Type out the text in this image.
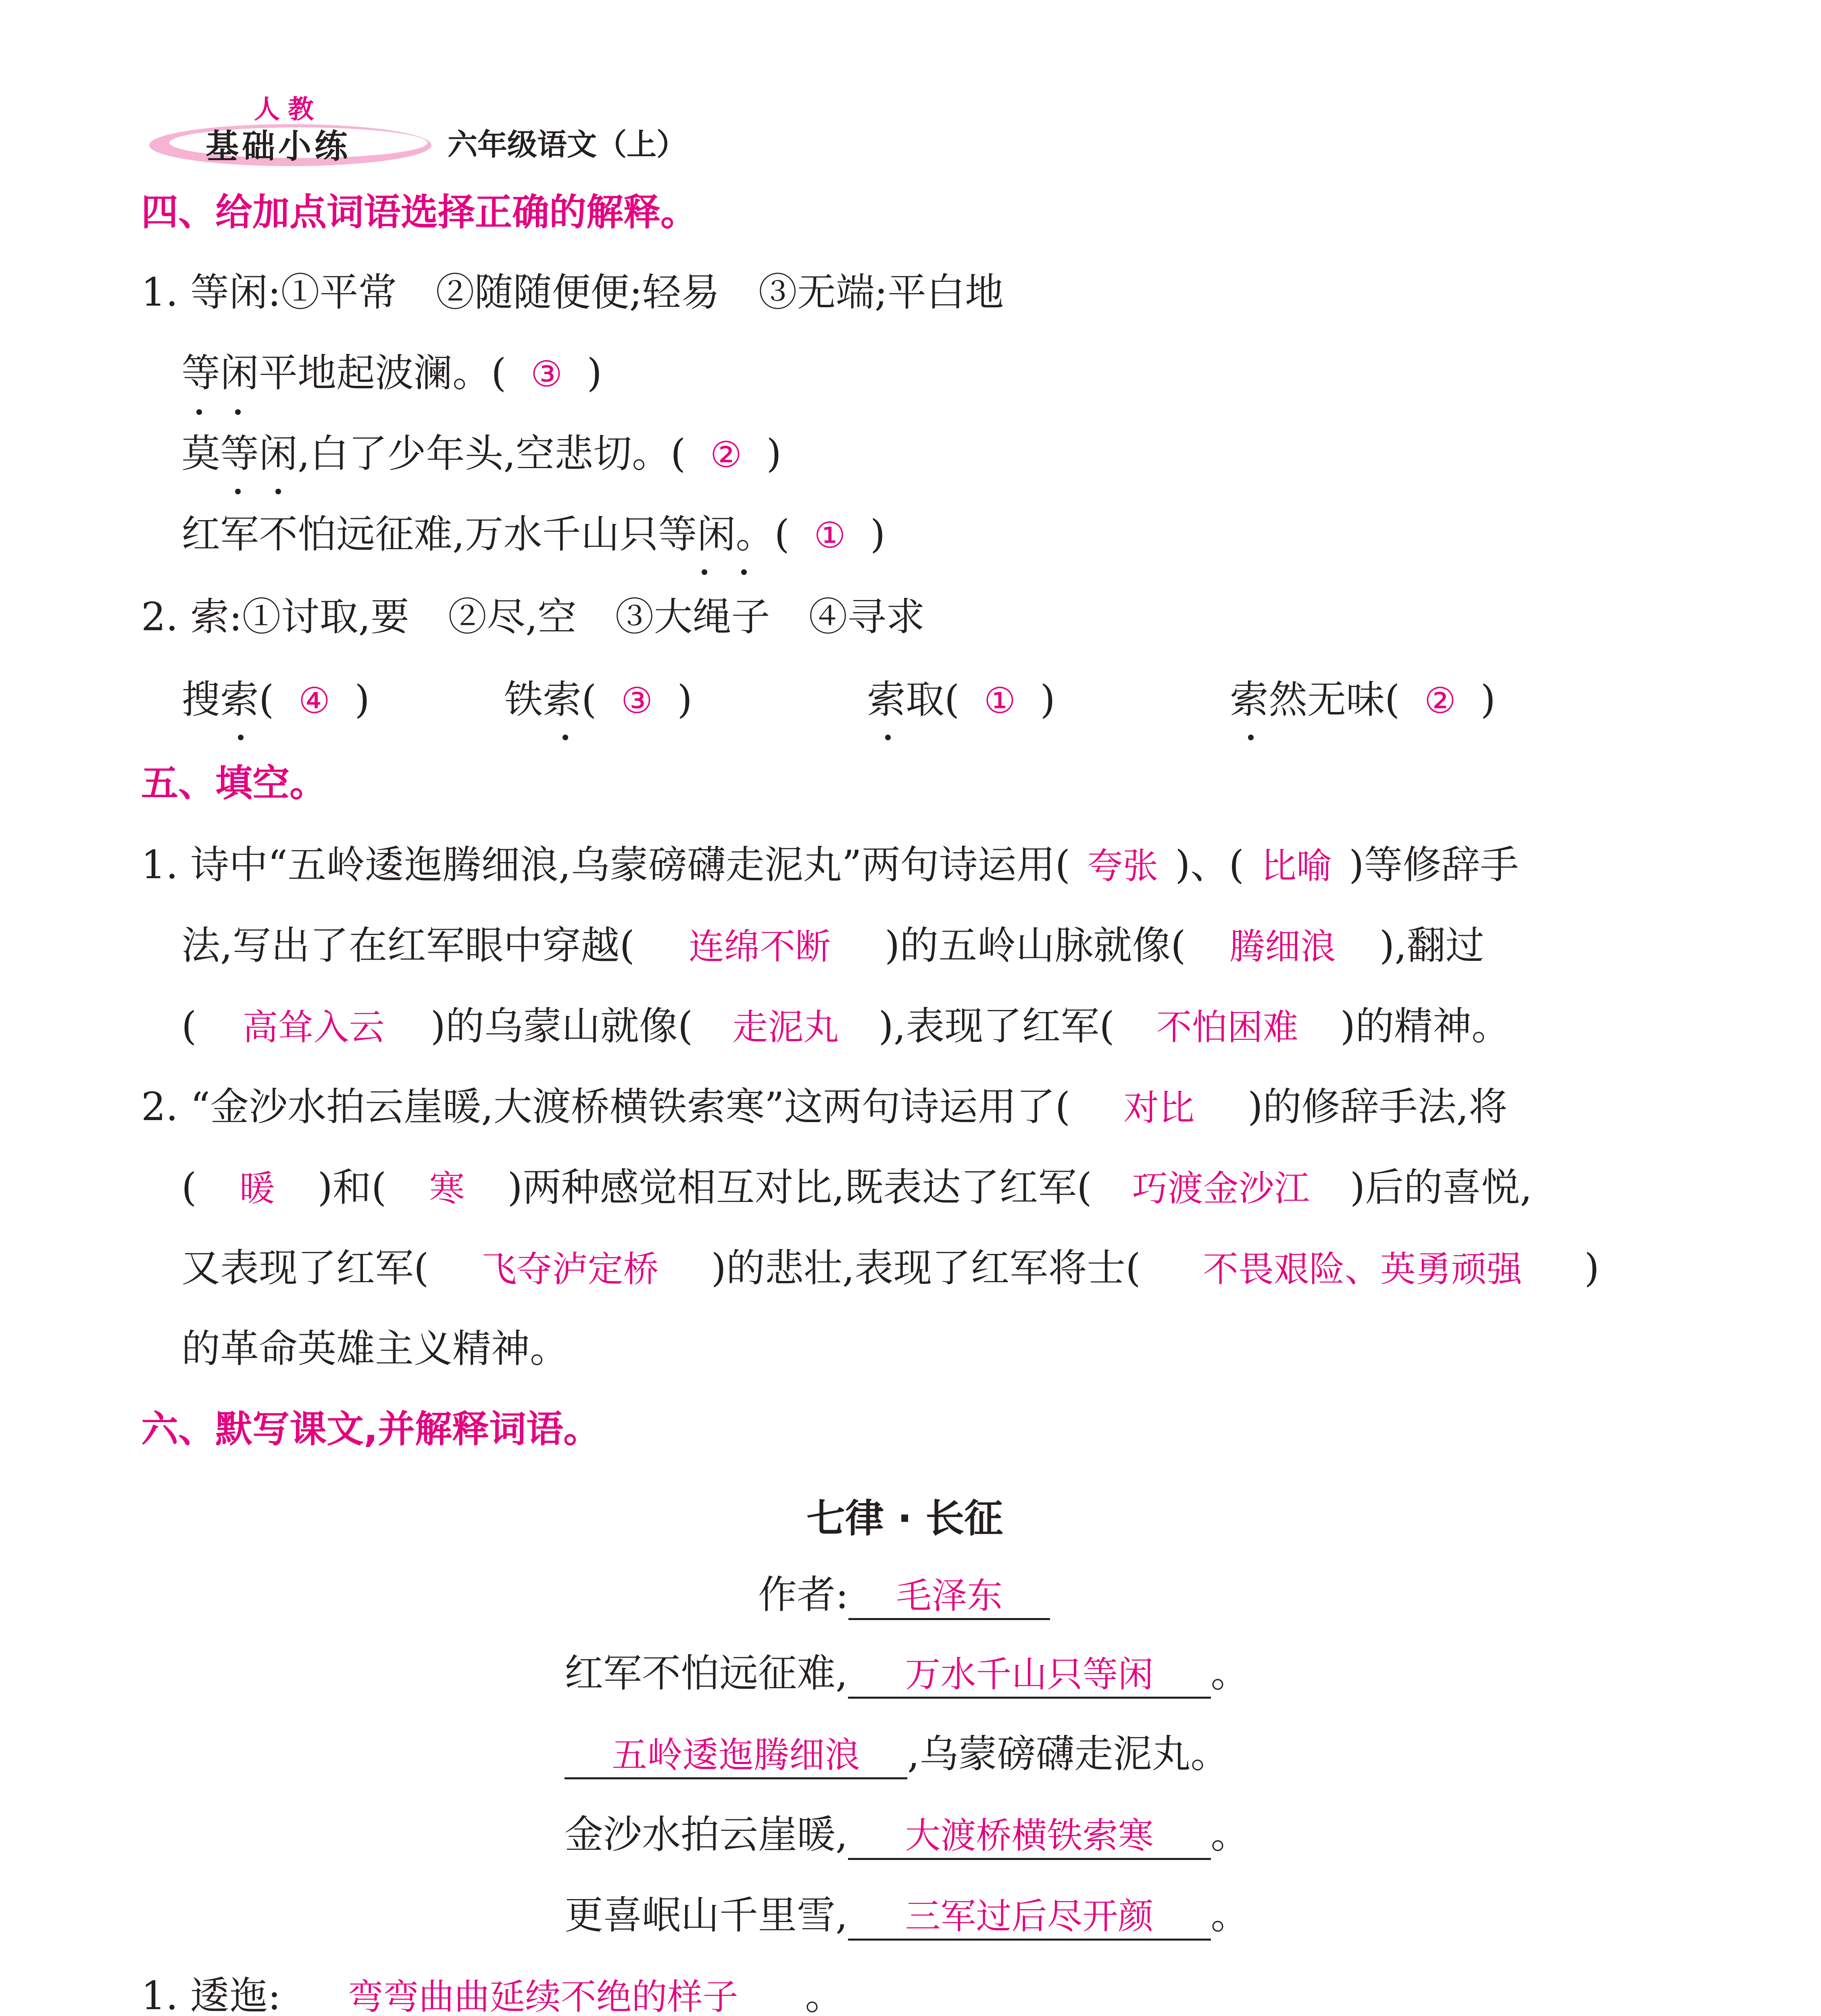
人教
基础小练	六年级语文（上）
四、给加点词语选择正确的解释。
1. 等闲:①平常　②随随便便;轻易　③无端;平白地
等闲平地起波澜。( ③ )
莫等闲,白了少年头,空悲切。( ② )
红军不怕远征难,万水千山只等闲。( ① )
2. 索:①讨取,要　②尽,空　③大绳子　④寻求
搜索( ④ )	铁索( ③ )	索取( ① )	索然无味( ② )
五、填空。
1. 诗中“五岭逶迤腾细浪,乌蒙磅礴走泥丸”两句诗运用( 夸张 )、( 比喻 )等修辞手
法,写出了在红军眼中穿越( 连绵不断 )的五岭山脉就像( 腾细浪 ),翻过
( 高耸入云 )的乌蒙山就像( 走泥丸 ),表现了红军( 不怕困难 )的精神。
2. “金沙水拍云崖暖,大渡桥横铁索寒”这两句诗运用了( 对比 )的修辞手法,将
( 暖 )和( 寒 )两种感觉相互对比,既表达了红军( 巧渡金沙江 )后的喜悦,
又表现了红军( 飞夺泸定桥 )的悲壮,表现了红军将士( 不畏艰险、英勇顽强 )
的革命英雄主义精神。
六、默写课文,并解释词语。
七律 · 长征
作者: 毛泽东
红军不怕远征难, 万水千山只等闲 。
五岭逶迤腾细浪 ,乌蒙磅礴走泥丸。
金沙水拍云崖暖, 大渡桥横铁索寒 。
更喜岷山千里雪, 三军过后尽开颜 。
1. 逶迤: 弯弯曲曲延续不绝的样子 。
